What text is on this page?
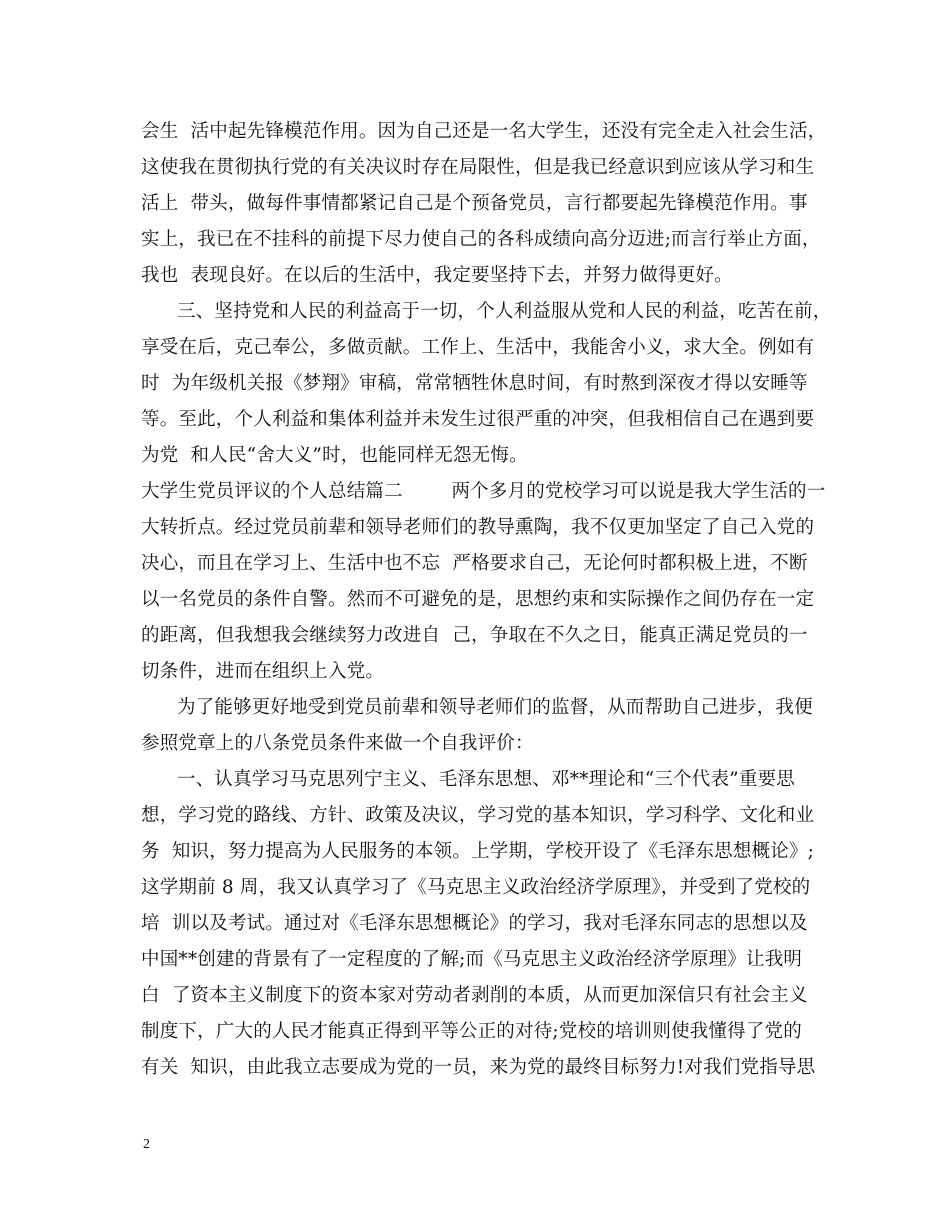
会生  活中起先锋模范作用。因为自己还是一名大学生，还没有完全走入社会生活，
这使我在贯彻执行党的有关决议时存在局限性，但是我已经意识到应该从学习和生
活上  带头，做每件事情都紧记自己是个预备党员，言行都要起先锋模范作用。事
实上，我已在不挂科的前提下尽力使自己的各科成绩向高分迈进;而言行举止方面，
我也  表现良好。在以后的生活中，我定要坚持下去，并努力做得更好。
三、坚持党和人民的利益高于一切，个人利益服从党和人民的利益，吃苦在前，
享受在后，克己奉公，多做贡献。工作上、生活中，我能舍小义，求大全。例如有
时  为年级机关报《梦翔》审稿，常常牺牲休息时间，有时熬到深夜才得以安睡等
等。至此，个人利益和集体利益并未发生过很严重的冲突，但我相信自己在遇到要
为党  和人民“舍大义”时，也能同样无怨无悔。
大学生党员评议的个人总结篇二        两个多月的党校学习可以说是我大学生活的一
大转折点。经过党员前辈和领导老师们的教导熏陶，我不仅更加坚定了自己入党的
决心，而且在学习上、生活中也不忘  严格要求自己，无论何时都积极上进，不断
以一名党员的条件自警。然而不可避免的是，思想约束和实际操作之间仍存在一定
的距离，但我想我会继续努力改进自  己，争取在不久之日，能真正满足党员的一
切条件，进而在组织上入党。
为了能够更好地受到党员前辈和领导老师们的监督，从而帮助自己进步，我便
参照党章上的八条党员条件来做一个自我评价：
一、认真学习马克思列宁主义、毛泽东思想、邓**理论和“三个代表”重要思
想，学习党的路线、方针、政策及决议，学习党的基本知识，学习科学、文化和业
务  知识，努力提高为人民服务的本领。上学期，学校开设了《毛泽东思想概论》;
这学期前 8 周，我又认真学习了《马克思主义政治经济学原理》，并受到了党校的
培  训以及考试。通过对《毛泽东思想概论》的学习，我对毛泽东同志的思想以及
中国**创建的背景有了一定程度的了解;而《马克思主义政治经济学原理》让我明
白  了资本主义制度下的资本家对劳动者剥削的本质，从而更加深信只有社会主义
制度下，广大的人民才能真正得到平等公正的对待;党校的培训则使我懂得了党的
有关  知识，由此我立志要成为党的一员，来为党的最终目标努力!对我们党指导思
2
